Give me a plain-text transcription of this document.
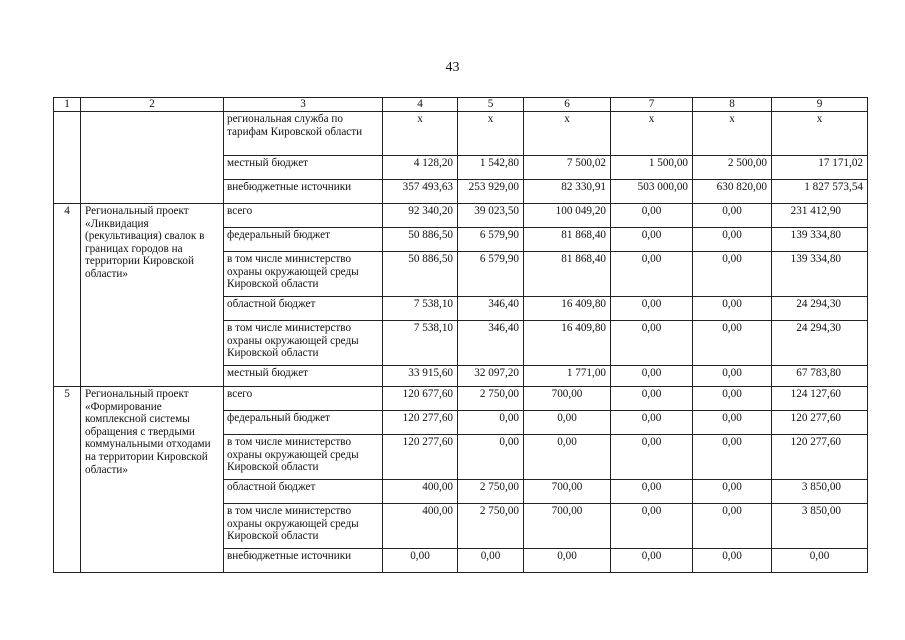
43
1	2	3	4	5	6	7	8	9
		региональная служба по тарифам Кировской области	x	x	x	x	x	x
		местный бюджет	4 128,20	1 542,80	7 500,02	1 500,00	2 500,00	17 171,02
		внебюджетные источники	357 493,63	253 929,00	82 330,91	503 000,00	630 820,00	1 827 573,54
4	Региональный проект «Ликвидация (рекультивация) свалок в границах городов на территории Кировской области»	всего	92 340,20	39 023,50	100 049,20	0,00	0,00	231 412,90
		федеральный бюджет	50 886,50	6 579,90	81 868,40	0,00	0,00	139 334,80
		в том числе министерство охраны окружающей среды Кировской области	50 886,50	6 579,90	81 868,40	0,00	0,00	139 334,80
		областной бюджет	7 538,10	346,40	16 409,80	0,00	0,00	24 294,30
		в том числе министерство охраны окружающей среды Кировской области	7 538,10	346,40	16 409,80	0,00	0,00	24 294,30
		местный бюджет	33 915,60	32 097,20	1 771,00	0,00	0,00	67 783,80
5	Региональный проект «Формирование комплексной системы обращения с твердыми коммунальными отходами на территории Кировской области»	всего	120 677,60	2 750,00	700,00	0,00	0,00	124 127,60
		федеральный бюджет	120 277,60	0,00	0,00	0,00	0,00	120 277,60
		в том числе министерство охраны окружающей среды Кировской области	120 277,60	0,00	0,00	0,00	0,00	120 277,60
		областной бюджет	400,00	2 750,00	700,00	0,00	0,00	3 850,00
		в том числе министерство охраны окружающей среды Кировской области	400,00	2 750,00	700,00	0,00	0,00	3 850,00
		внебюджетные источники	0,00	0,00	0,00	0,00	0,00	0,00
